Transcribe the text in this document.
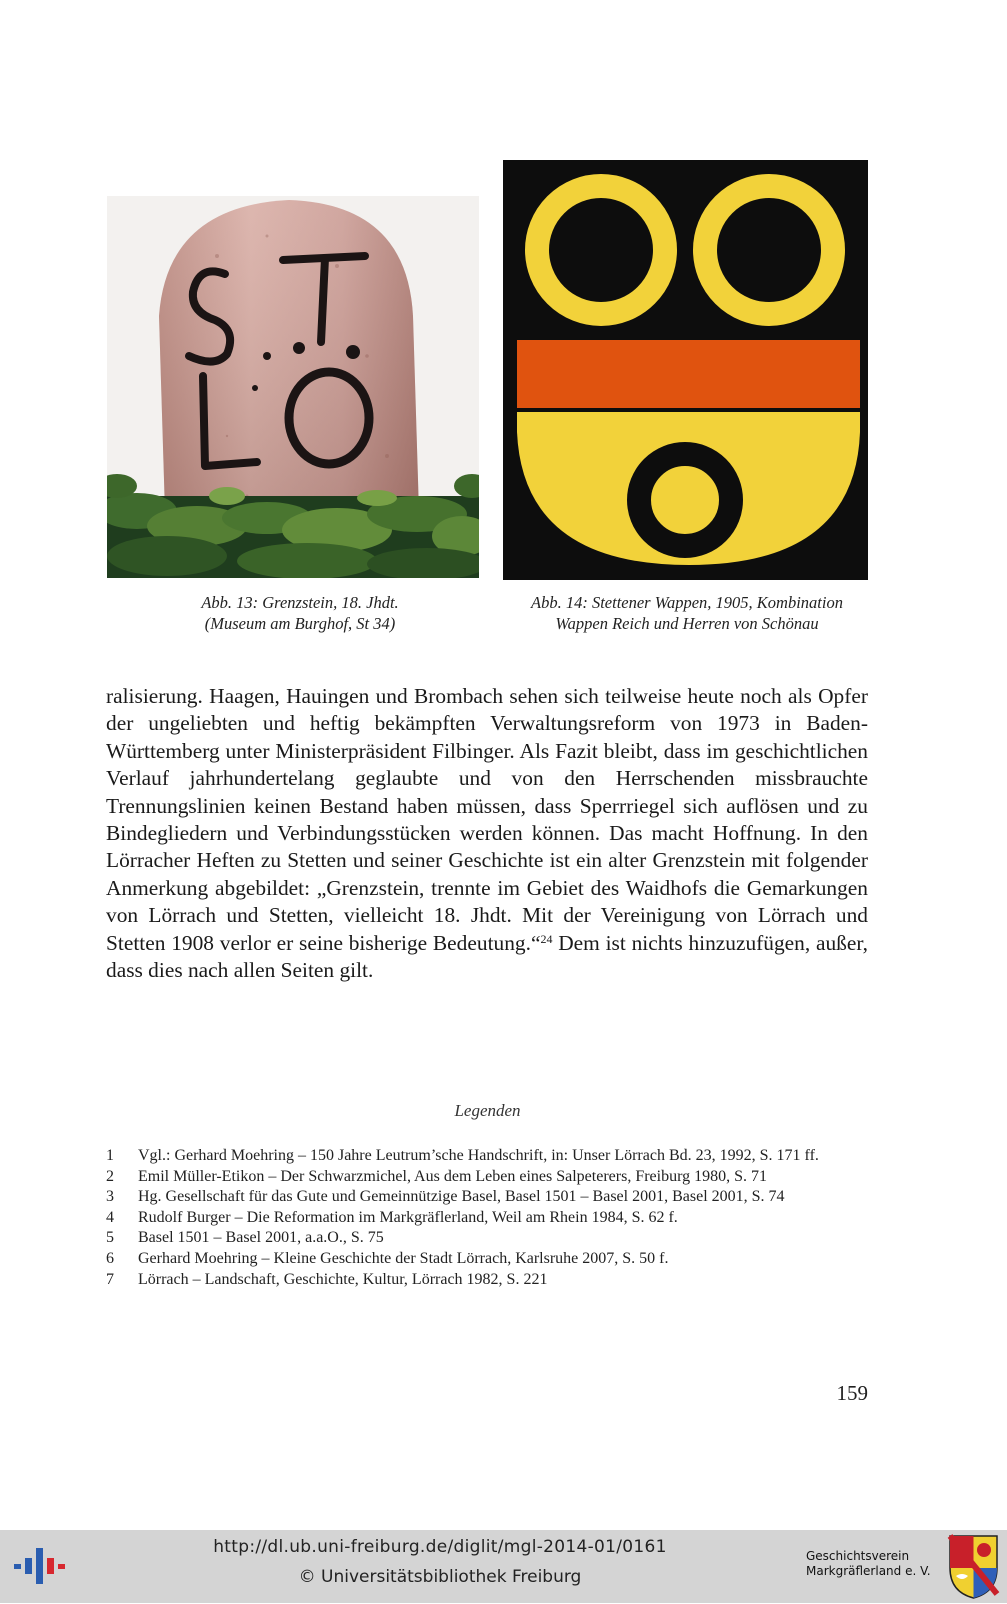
Abb. 13: Grenzstein, 18. Jhdt.
(Museum am Burghof, St 34)
Abb. 14: Stettener Wappen, 1905, Kombination
Wappen Reich und Herren von Schönau
ralisierung. Haagen, Hauingen und Brombach sehen sich teilweise heute noch als Opfer der ungeliebten und heftig bekämpften Verwaltungsreform von 1973 in Baden-Württemberg unter Ministerpräsident Filbinger. Als Fazit bleibt, dass im geschichtlichen Verlauf jahrhundertelang geglaubte und von den Herrschenden missbrauchte Trennungslinien keinen Bestand haben müssen, dass Sperrriegel sich auflösen und zu Bindegliedern und Verbindungsstücken werden können. Das macht Hoffnung. In den Lörracher Heften zu Stetten und seiner Geschichte ist ein alter Grenzstein mit folgender Anmerkung abgebildet: „Grenzstein, trennte im Gebiet des Waidhofs die Gemarkungen von Lörrach und Stetten, vielleicht 18. Jhdt. Mit der Vereinigung von Lörrach und Stetten 1908 verlor er seine bisherige Bedeutung.“$^{24}$ Dem ist nichts hinzuzufügen, außer, dass dies nach allen Seiten gilt.
Legenden
1	Vgl.: Gerhard Moehring – 150 Jahre Leutrum’sche Handschrift, in: Unser Lörrach Bd. 23, 1992, S. 171 ff.
2	Emil Müller-Etikon – Der Schwarzmichel, Aus dem Leben eines Salpeterers, Freiburg 1980, S. 71
3	Hg. Gesellschaft für das Gute und Gemeinnützige Basel, Basel 1501 – Basel 2001, Basel 2001, S. 74
4	Rudolf Burger – Die Reformation im Markgräflerland, Weil am Rhein 1984, S. 62 f.
5	Basel 1501 – Basel 2001, a.a.O., S. 75
6	Gerhard Moehring – Kleine Geschichte der Stadt Lörrach, Karlsruhe 2007, S. 50 f.
7	Lörrach – Landschaft, Geschichte, Kultur, Lörrach 1982, S. 221
159
http://dl.ub.uni-freiburg.de/diglit/mgl-2014-01/0161
© Universitätsbibliothek Freiburg
Geschichtsverein
Markgräflerland e. V.
